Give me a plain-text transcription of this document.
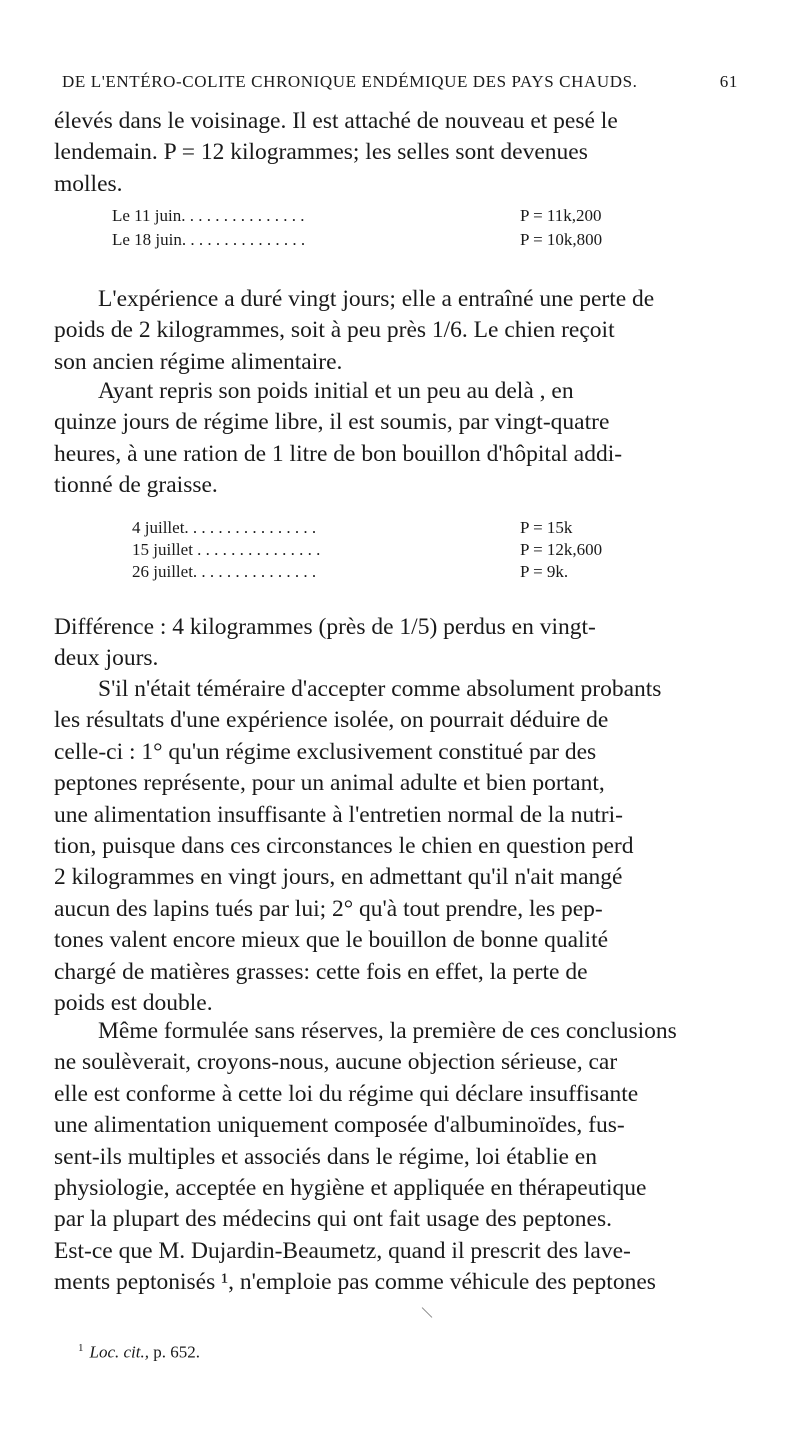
DE L'ENTÉRO-COLITE CHRONIQUE ENDÉMIQUE DES PAYS CHAUDS.	61

élevés dans le voisinage. Il est attaché de nouveau et pesé le
lendemain. P = 12 kilogrammes; les selles sont devenues
molles.

Le 11 juin. . . . . . . . . . . . . . .	P = 11k,200
Le 18 juin. . . . . . . . . . . . . . .	P = 10k,800

L'expérience a duré vingt jours; elle a entraîné une perte de
poids de 2 kilogrammes, soit à peu près 1/6. Le chien reçoit
son ancien régime alimentaire.

Ayant repris son poids initial et un peu au delà , en
quinze jours de régime libre, il est soumis, par vingt-quatre
heures, à une ration de 1 litre de bon bouillon d'hôpital addi-
tionné de graisse.

4 juillet. . . . . . . . . . . . . . . .	P = 15k
15 juillet . . . . . . . . . . . . . . .	P = 12k,600
26 juillet. . . . . . . . . . . . . . .	P = 9k.

Différence : 4 kilogrammes (près de 1/5) perdus en vingt-
deux jours.

S'il n'était téméraire d'accepter comme absolument probants
les résultats d'une expérience isolée, on pourrait déduire de
celle-ci : 1° qu'un régime exclusivement constitué par des
peptones représente, pour un animal adulte et bien portant,
une alimentation insuffisante à l'entretien normal de la nutri-
tion, puisque dans ces circonstances le chien en question perd
2 kilogrammes en vingt jours, en admettant qu'il n'ait mangé
aucun des lapins tués par lui; 2° qu'à tout prendre, les pep-
tones valent encore mieux que le bouillon de bonne qualité
chargé de matières grasses: cette fois en effet, la perte de
poids est double.

Même formulée sans réserves, la première de ces conclusions
ne soulèverait, croyons-nous, aucune objection sérieuse, car
elle est conforme à cette loi du régime qui déclare insuffisante
une alimentation uniquement composée d'albuminoïdes, fus-
sent-ils multiples et associés dans le régime, loi établie en
physiologie, acceptée en hygiène et appliquée en thérapeutique
par la plupart des médecins qui ont fait usage des peptones.
Est-ce que M. Dujardin-Beaumetz, quand il prescrit des lave-
ments peptonisés ¹, n'emploie pas comme véhicule des peptones

$^1$ Loc. cit., p. 652.
